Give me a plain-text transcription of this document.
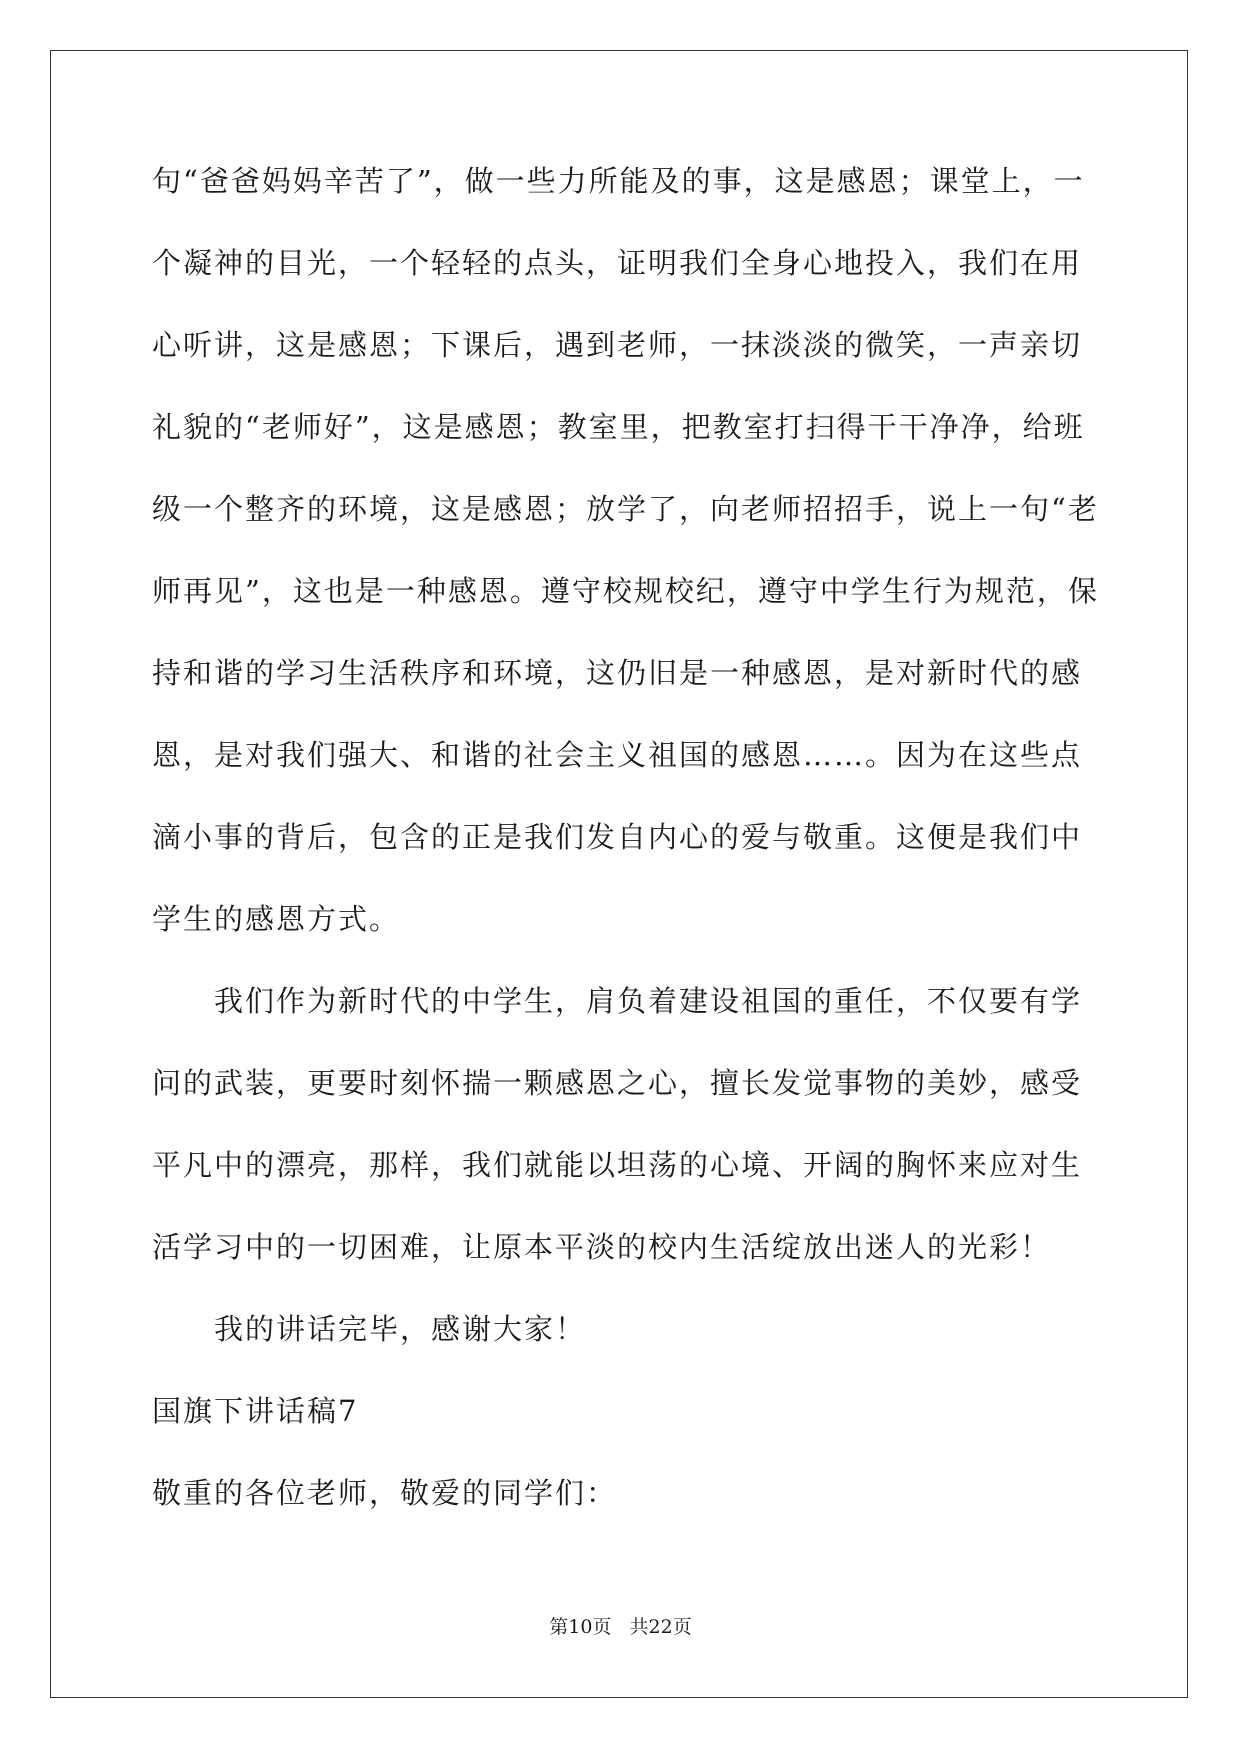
句“爸爸妈妈辛苦了”，做一些力所能及的事，这是感恩；课堂上，一
个凝神的目光，一个轻轻的点头，证明我们全身心地投入，我们在用
心听讲，这是感恩；下课后，遇到老师，一抹淡淡的微笑，一声亲切
礼貌的“老师好”，这是感恩；教室里，把教室打扫得干干净净，给班
级一个整齐的环境，这是感恩；放学了，向老师招招手，说上一句“老
师再见”，这也是一种感恩。遵守校规校纪，遵守中学生行为规范，保
持和谐的学习生活秩序和环境，这仍旧是一种感恩，是对新时代的感
恩，是对我们强大、和谐的社会主义祖国的感恩……。因为在这些点
滴小事的背后，包含的正是我们发自内心的爱与敬重。这便是我们中
学生的感恩方式。
我们作为新时代的中学生，肩负着建设祖国的重任，不仅要有学
问的武装，更要时刻怀揣一颗感恩之心，擅长发觉事物的美妙，感受
平凡中的漂亮，那样，我们就能以坦荡的心境、开阔的胸怀来应对生
活学习中的一切困难，让原本平淡的校内生活绽放出迷人的光彩！
我的讲话完毕，感谢大家！
国旗下讲话稿7
敬重的各位老师，敬爱的同学们：
第10页 共22页
